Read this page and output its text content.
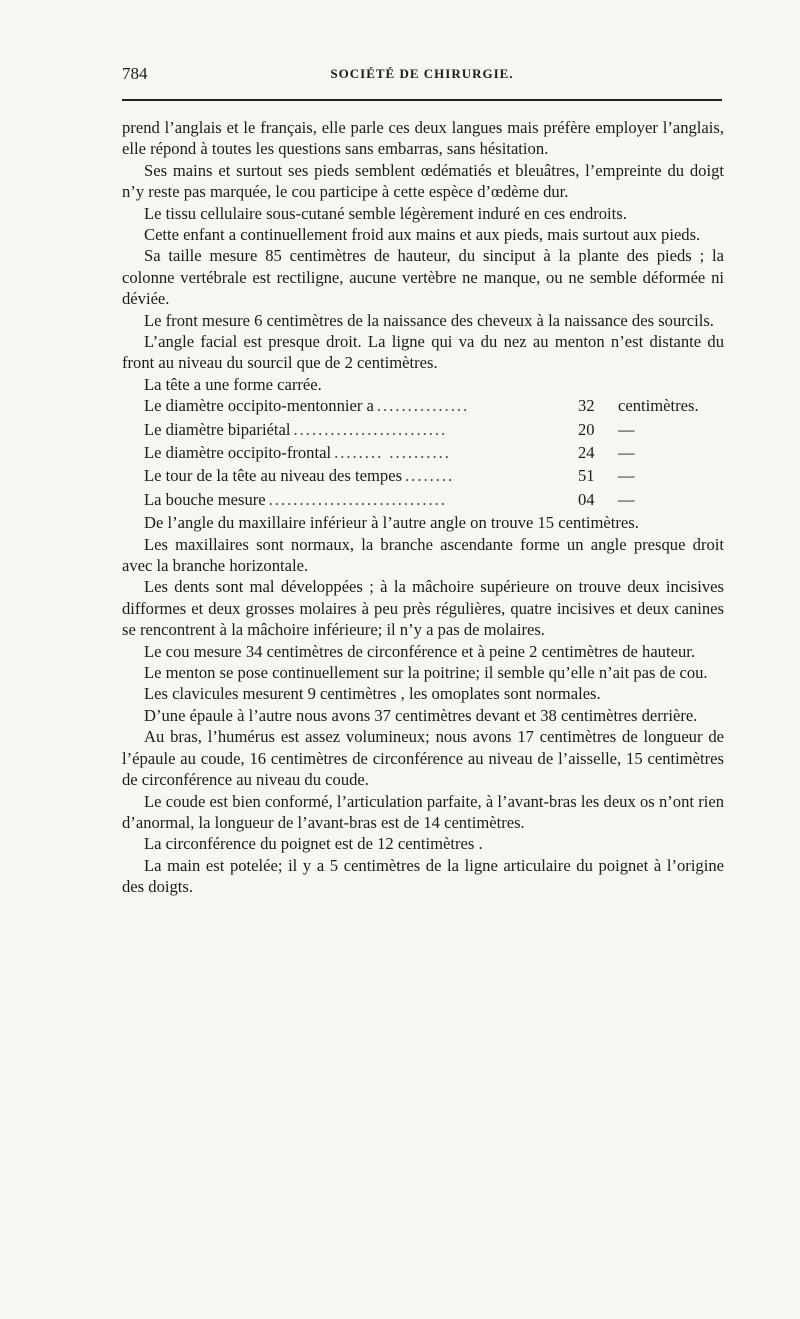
784	SOCIÉTÉ DE CHIRURGIE.

prend l’anglais et le français, elle parle ces deux langues mais préfère employer l’anglais, elle répond à toutes les questions sans embarras, sans hésitation.

Ses mains et surtout ses pieds semblent œdématiés et bleuâtres, l’empreinte du doigt n’y reste pas marquée, le cou participe à cette espèce d’œdème dur.

Le tissu cellulaire sous-cutané semble légèrement induré en ces endroits.

Cette enfant a continuellement froid aux mains et aux pieds, mais surtout aux pieds.

Sa taille mesure 85 centimètres de hauteur, du sinciput à la plante des pieds ; la colonne vertébrale est rectiligne, aucune vertèbre ne manque, ou ne semble déformée ni déviée.

Le front mesure 6 centimètres de la naissance des cheveux à la naissance des sourcils.

L’angle facial est presque droit. La ligne qui va du nez au menton n’est distante du front au niveau du sourcil que de 2 centimètres.

La tête a une forme carrée.

Le diamètre occipito-mentonnier a ...............	32	centimètres.
Le diamètre bipariétal .........................	20	—
Le diamètre occipito-frontal ........ ..........	24	—
Le tour de la tête au niveau des tempes ........	51	—
La bouche mesure .............................	04	—

De l’angle du maxillaire inférieur à l’autre angle on trouve 15 centimètres.

Les maxillaires sont normaux, la branche ascendante forme un angle presque droit avec la branche horizontale.

Les dents sont mal développées ; à la mâchoire supérieure on trouve deux incisives difformes et deux grosses molaires à peu près régulières, quatre incisives et deux canines se rencontrent à la mâchoire inférieure; il n’y a pas de molaires.

Le cou mesure 34 centimètres de circonférence et à peine 2 centimètres de hauteur.

Le menton se pose continuellement sur la poitrine; il semble qu’elle n’ait pas de cou.

Les clavicules mesurent 9 centimètres , les omoplates sont normales.

D’une épaule à l’autre nous avons 37 centimètres devant et 38 centimètres derrière.

Au bras, l’humérus est assez volumineux; nous avons 17 centimètres de longueur de l’épaule au coude, 16 centimètres de circonférence au niveau de l’aisselle, 15 centimètres de circonférence au niveau du coude.

Le coude est bien conformé, l’articulation parfaite, à l’avant-bras les deux os n’ont rien d’anormal, la longueur de l’avant-bras est de 14 centimètres.

La circonférence du poignet est de 12 centimètres .

La main est potelée; il y a 5 centimètres de la ligne articulaire du poignet à l’origine des doigts.
